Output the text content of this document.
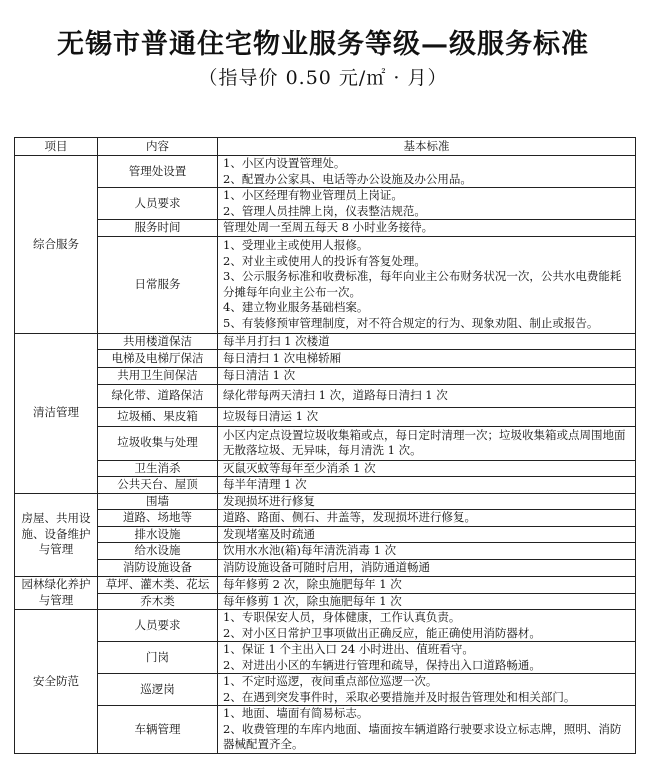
无锡市普通住宅物业服务等级—级服务标准
（指导价 0.50 元/㎡ · 月）
项目	内容	基本标准
综合服务	管理处设置	1、小区内设置管理处。
2、配置办公家具、电话等办公设施及办公用品。

	人员要求	1、小区经理有物业管理员上岗证。
2、管理人员挂牌上岗，仪表整洁规范。

	服务时间	管理处周一至周五每天 8 小时业务接待。

	日常服务	1、受理业主或使用人报修。
2、对业主或使用人的投诉有答复处理。
3、公示服务标准和收费标准，每年向业主公布财务状况一次，公共水电费能耗分摊每年向业主公布一次。
4、建立物业服务基础档案。
5、有装修预审管理制度，对不符合规定的行为、现象劝阻、制止或报告。

清洁管理	共用楼道保洁	每半月打扫 1 次楼道

	电梯及电梯厅保洁	每日清扫 1 次电梯轿厢

	共用卫生间保洁	每日清洁 1 次

	绿化带、道路保洁	绿化带每两天清扫 1 次，道路每日清扫 1 次

	垃圾桶、果皮箱	垃圾每日清运 1 次

	垃圾收集与处理	小区内定点设置垃圾收集箱或点，每日定时清理一次；垃圾收集箱或点周围地面无散落垃圾、无异味，每月清洗 1 次。

	卫生消杀	灭鼠灭蚊等每年至少消杀 1 次

	公共天台、屋顶	每半年清理 1 次

房屋、共用设施、设备维护与管理	围墙	发现损坏进行修复

	道路、场地等	道路、路面、侧石、井盖等，发现损坏进行修复。

	排水设施	发现堵塞及时疏通

	给水设施	饮用水水池(箱)每年清洗消毒 1 次

	消防设施设备	消防设施设备可随时启用，消防通道畅通

园林绿化养护与管理	草坪、灌木类、花坛	每年修剪 2 次，除虫施肥每年 1 次

	乔木类	每年修剪 1 次，除虫施肥每年 1 次

安全防范	人员要求	1、专职保安人员，身体健康，工作认真负责。
2、对小区日常护卫事项做出正确反应，能正确使用消防器材。

	门岗	1、保证 1 个主出入口 24 小时进出、值班看守。
2、对进出小区的车辆进行管理和疏导，保持出入口道路畅通。

	巡逻岗	1、不定时巡逻，夜间重点部位巡逻一次。
2、在遇到突发事件时，采取必要措施并及时报告管理处和相关部门。

	车辆管理	1、地面、墙面有简易标志。
2、收费管理的车库内地面、墙面按车辆道路行驶要求设立标志牌，照明、消防器械配置齐全。
